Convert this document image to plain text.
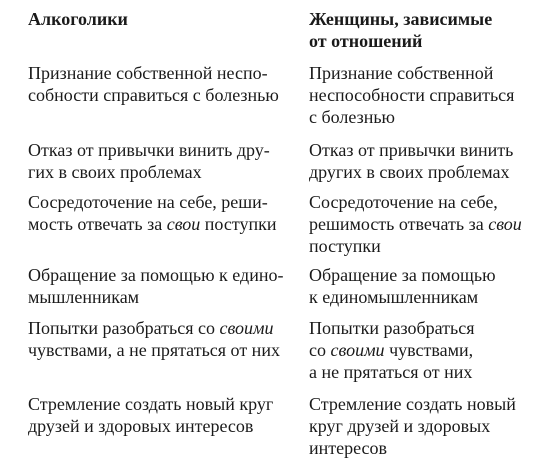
Алкоголики	Женщины, зависимые
от отношений
Признание собственной неспо-
собности справиться с болезнью
Признание собственной
неспособности справиться
с болезнью
Отказ от привычки винить дру-
гих в своих проблемах
Отказ от привычки винить
других в своих проблемах
Сосредоточение на себе, реши-
мость отвечать за свои поступки
Сосредоточение на себе,
решимость отвечать за свои
поступки
Обращение за помощью к едино-
мышленникам
Обращение за помощью
к единомышленникам
Попытки разобраться со своими
чувствами, а не прятаться от них
Попытки разобраться
со своими чувствами,
а не прятаться от них
Стремление создать новый круг
друзей и здоровых интересов
Стремление создать новый
круг друзей и здоровых
интересов
